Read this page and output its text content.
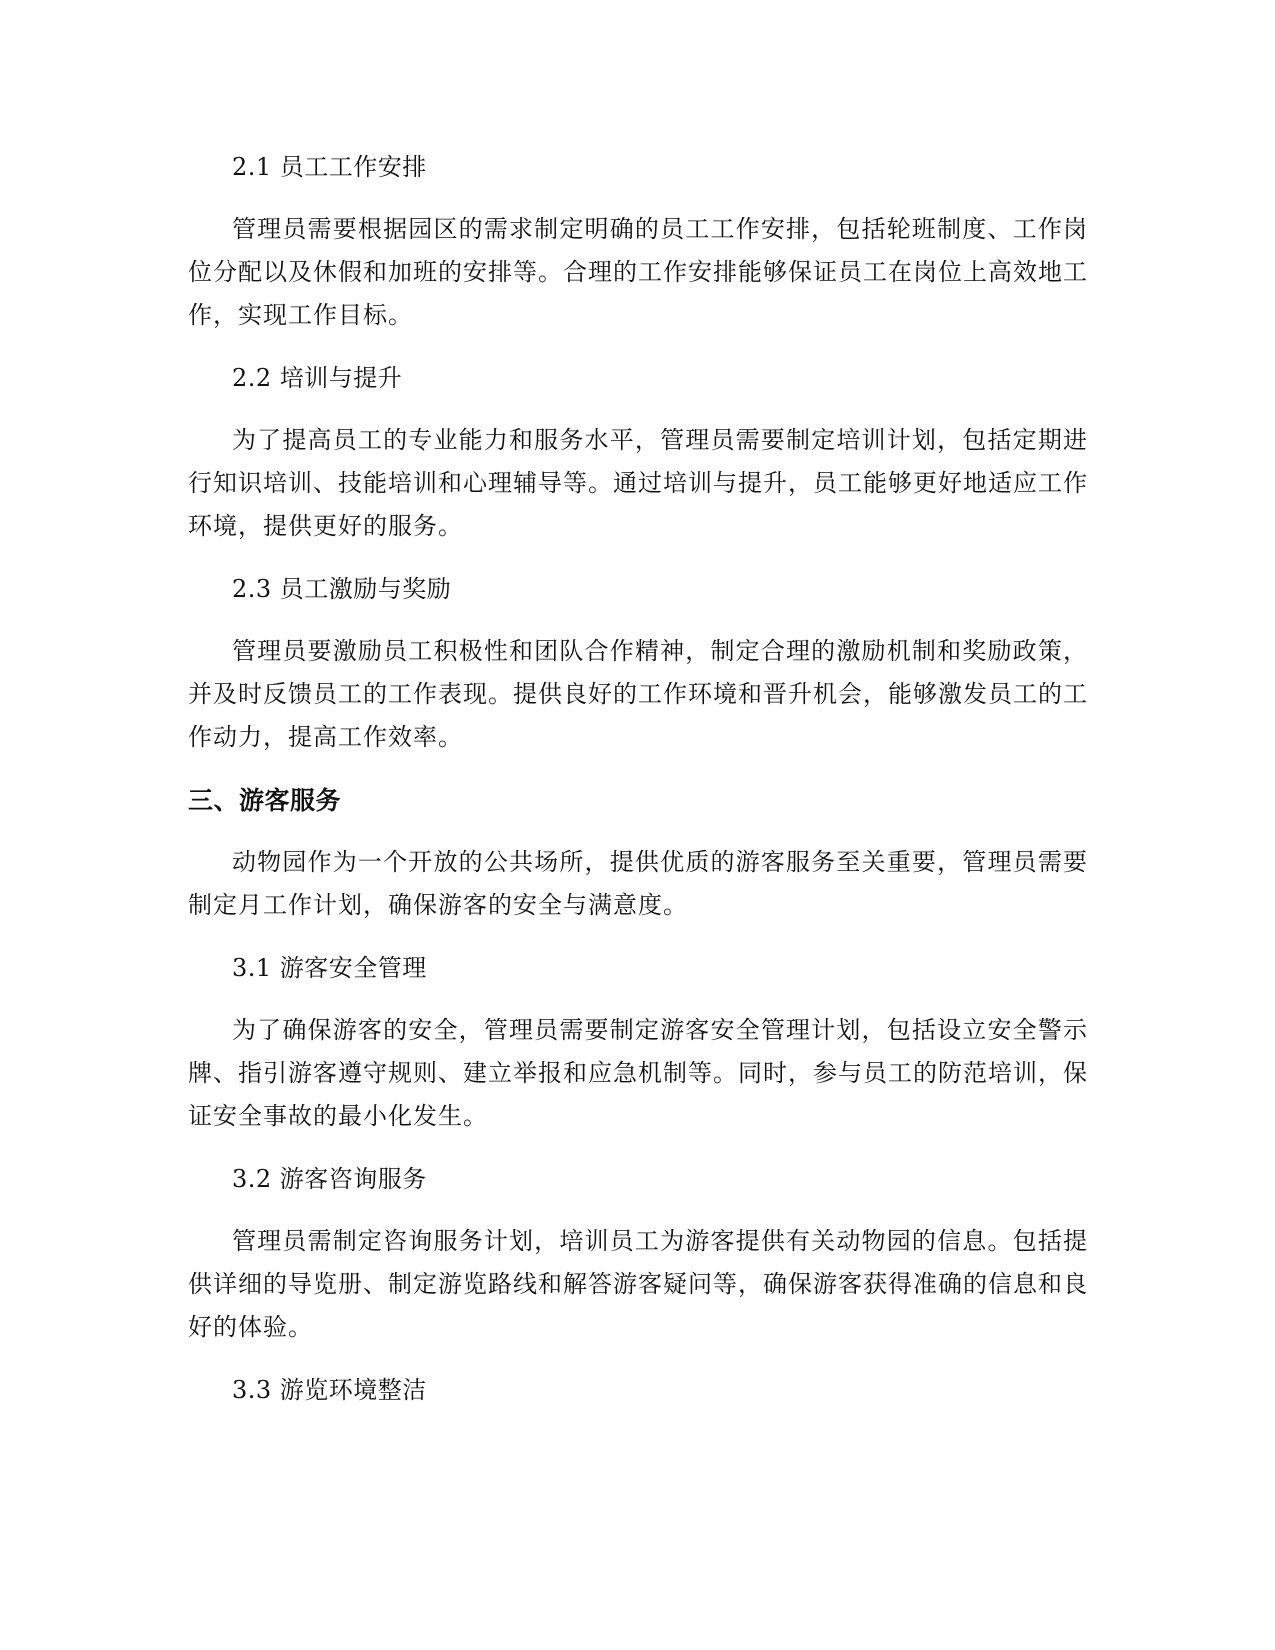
2.1 员工工作安排

管理员需要根据园区的需求制定明确的员工工作安排，包括轮班制度、工作岗位分配以及休假和加班的安排等。合理的工作安排能够保证员工在岗位上高效地工作，实现工作目标。

2.2 培训与提升

为了提高员工的专业能力和服务水平，管理员需要制定培训计划，包括定期进行知识培训、技能培训和心理辅导等。通过培训与提升，员工能够更好地适应工作环境，提供更好的服务。

2.3 员工激励与奖励

管理员要激励员工积极性和团队合作精神，制定合理的激励机制和奖励政策，并及时反馈员工的工作表现。提供良好的工作环境和晋升机会，能够激发员工的工作动力，提高工作效率。

三、游客服务

动物园作为一个开放的公共场所，提供优质的游客服务至关重要，管理员需要制定月工作计划，确保游客的安全与满意度。

3.1 游客安全管理

为了确保游客的安全，管理员需要制定游客安全管理计划，包括设立安全警示牌、指引游客遵守规则、建立举报和应急机制等。同时，参与员工的防范培训，保证安全事故的最小化发生。

3.2 游客咨询服务

管理员需制定咨询服务计划，培训员工为游客提供有关动物园的信息。包括提供详细的导览册、制定游览路线和解答游客疑问等，确保游客获得准确的信息和良好的体验。

3.3 游览环境整洁
